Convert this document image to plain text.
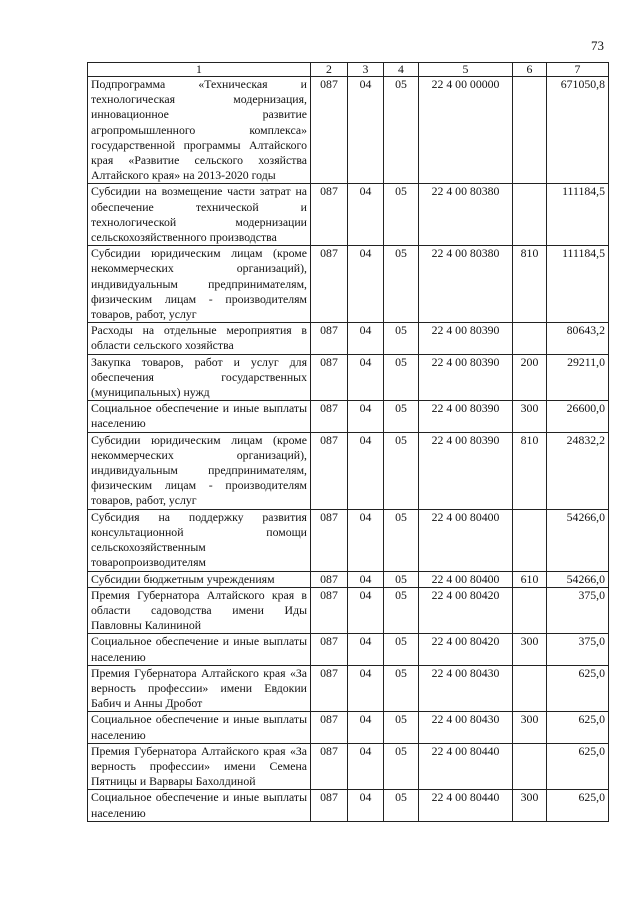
73
1	2	3	4	5	6	7
Подпрограмма «Техническая и технологическая модернизация, инновационное развитие агропромышленного комплекса» государственной программы Алтайского края «Развитие сельского хозяйства Алтайского края» на 2013-2020 годы	087	04	05	22 4 00 00000		671050,8
Субсидии на возмещение части затрат на обеспечение технической и технологической модернизации сельскохозяйственного производства	087	04	05	22 4 00 80380		111184,5
Субсидии юридическим лицам (кроме некоммерческих организаций), индивидуальным предпринимателям, физическим лицам - производителям товаров, работ, услуг	087	04	05	22 4 00 80380	810	111184,5
Расходы на отдельные мероприятия в области сельского хозяйства	087	04	05	22 4 00 80390		80643,2
Закупка товаров, работ и услуг для обеспечения государственных (муниципальных) нужд	087	04	05	22 4 00 80390	200	29211,0
Социальное обеспечение и иные выплаты населению	087	04	05	22 4 00 80390	300	26600,0
Субсидии юридическим лицам (кроме некоммерческих организаций), индивидуальным предпринимателям, физическим лицам - производителям товаров, работ, услуг	087	04	05	22 4 00 80390	810	24832,2
Субсидия на поддержку развития консультационной помощи сельскохозяйственным товаропроизводителям	087	04	05	22 4 00 80400		54266,0
Субсидии бюджетным учреждениям	087	04	05	22 4 00 80400	610	54266,0
Премия Губернатора Алтайского края в области садоводства имени Иды Павловны Калининой	087	04	05	22 4 00 80420		375,0
Социальное обеспечение и иные выплаты населению	087	04	05	22 4 00 80420	300	375,0
Премия Губернатора Алтайского края «За верность профессии» имени Евдокии Бабич и Анны Дробот	087	04	05	22 4 00 80430		625,0
Социальное обеспечение и иные выплаты населению	087	04	05	22 4 00 80430	300	625,0
Премия Губернатора Алтайского края «За верность профессии» имени Семена Пятницы и Варвары Бахолдиной	087	04	05	22 4 00 80440		625,0
Социальное обеспечение и иные выплаты населению	087	04	05	22 4 00 80440	300	625,0
